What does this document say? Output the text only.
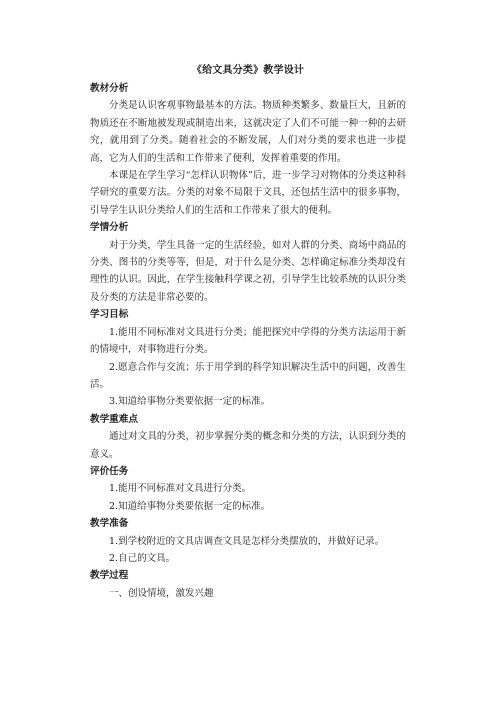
《给文具分类》教学设计

教材分析

分类是认识客观事物最基本的方法。物质种类繁多、数量巨大，且新的物质还在不断地被发现或制造出来，这就决定了人们不可能一种一种的去研究，就用到了分类。随着社会的不断发展，人们对分类的要求也进一步提高，它为人们的生活和工作带来了便利，发挥着重要的作用。

本课是在学生学习“怎样认识物体”后，进一步学习对物体的分类这种科学研究的重要方法。分类的对象不局限于文具，还包括生活中的很多事物，引导学生认识分类给人们的生活和工作带来了很大的便利。

学情分析

对于分类，学生具备一定的生活经验，如对人群的分类、商场中商品的分类、图书的分类等等，但是，对于什么是分类、怎样确定标准分类却没有理性的认识。因此，在学生接触科学课之初，引导学生比较系统的认识分类及分类的方法是非常必要的。

学习目标

1.能用不同标准对文具进行分类；能把探究中学得的分类方法运用于新的情境中，对事物进行分类。

2.愿意合作与交流；乐于用学到的科学知识解决生活中的问题，改善生活。

3.知道给事物分类要依据一定的标准。

教学重难点

通过对文具的分类，初步掌握分类的概念和分类的方法，认识到分类的意义。

评价任务

1.能用不同标准对文具进行分类。

2.知道给事物分类要依据一定的标准。

教学准备

1.到学校附近的文具店调查文具是怎样分类摆放的，并做好记录。

2.自己的文具。

教学过程

一、创设情境，激发兴趣
